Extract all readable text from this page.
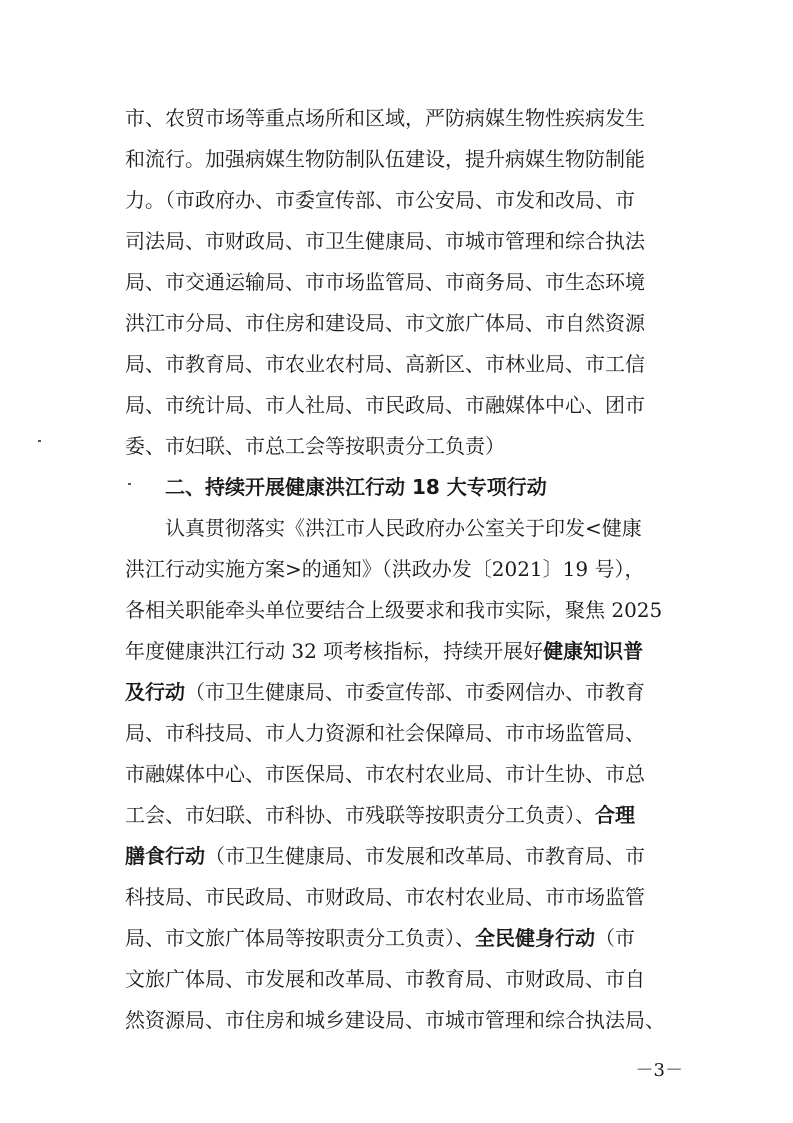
市、农贸市场等重点场所和区域，严防病媒生物性疾病发生
和流行。加强病媒生物防制队伍建设，提升病媒生物防制能
力。（市政府办、市委宣传部、市公安局、市发和改局、市
司法局、市财政局、市卫生健康局、市城市管理和综合执法
局、市交通运输局、市市场监管局、市商务局、市生态环境
洪江市分局、市住房和建设局、市文旅广体局、市自然资源
局、市教育局、市农业农村局、高新区、市林业局、市工信
局、市统计局、市人社局、市民政局、市融媒体中心、团市
委、市妇联、市总工会等按职责分工负责）
二、持续开展健康洪江行动 18 大专项行动
认真贯彻落实《洪江市人民政府办公室关于印发<健康
洪江行动实施方案>的通知》（洪政办发〔2021〕19 号），
各相关职能牵头单位要结合上级要求和我市实际，聚焦 2025
年度健康洪江行动 32 项考核指标，持续开展好 健康知识普
及行动 （市卫生健康局、市委宣传部、市委网信办、市教育
局、市科技局、市人力资源和社会保障局、市市场监管局、
市融媒体中心、市医保局、市农村农业局、市计生协、市总
工会、市妇联、市科协、市残联等按职责分工负责）、 合理
膳食行动 （市卫生健康局、市发展和改革局、市教育局、市
科技局、市民政局、市财政局、市农村农业局、市市场监管
局、市文旅广体局等按职责分工负责）、 全民健身行动 （市
文旅广体局、市发展和改革局、市教育局、市财政局、市自
然资源局、市住房和城乡建设局、市城市管理和综合执法局、
－3－
